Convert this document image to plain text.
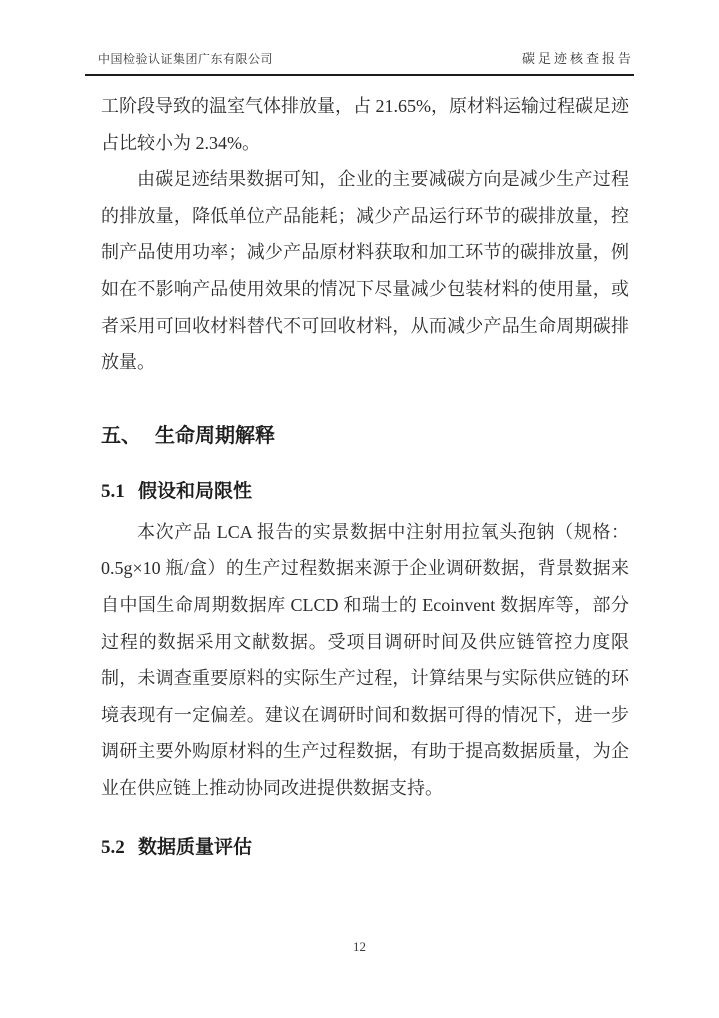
中国检验认证集团广东有限公司	碳足迹核查报告

工阶段导致的温室气体排放量，占 21.65%，原材料运输过程碳足迹占比较小为 2.34%。

由碳足迹结果数据可知，企业的主要减碳方向是减少生产过程的排放量，降低单位产品能耗；减少产品运行环节的碳排放量，控制产品使用功率；减少产品原材料获取和加工环节的碳排放量，例如在不影响产品使用效果的情况下尽量减少包装材料的使用量，或者采用可回收材料替代不可回收材料，从而减少产品生命周期碳排放量。

五、 生命周期解释
5.1 假设和局限性

本次产品 LCA 报告的实景数据中注射用拉氧头孢钠（规格：0.5g×10 瓶/盒）的生产过程数据来源于企业调研数据，背景数据来自中国生命周期数据库 CLCD 和瑞士的 Ecoinvent 数据库等，部分过程的数据采用文献数据。受项目调研时间及供应链管控力度限制，未调查重要原料的实际生产过程，计算结果与实际供应链的环境表现有一定偏差。建议在调研时间和数据可得的情况下，进一步调研主要外购原材料的生产过程数据，有助于提高数据质量，为企业在供应链上推动协同改进提供数据支持。

5.2 数据质量评估
12
